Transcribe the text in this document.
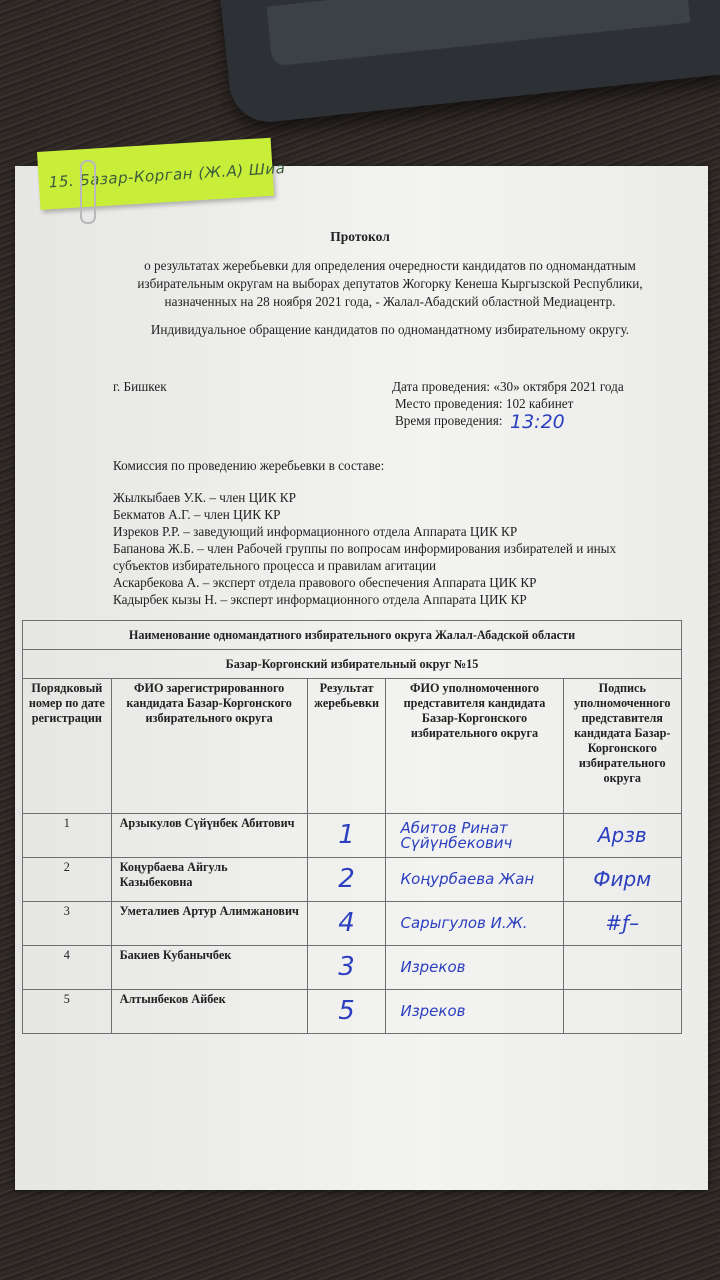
15. Базар-Корган (Ж.А) Шиа
Протокол
о результатах жеребьевки для определения очередности кандидатов по одномандатным
избирательным округам на выборах депутатов Жогорку Кенеша Кыргызской Республики,
назначенных на 28 ноября 2021 года, - Жалал-Абадский областной Медиацентр.
Индивидуальное обращение кандидатов по одномандатному избирательному округу.
г. Бишкек	Дата проведения: «30» октября 2021 года
Место проведения: 102 кабинет
Время проведения: 13:20
Комиссия по проведению жеребьевки в составе:
Жылкыбаев У.К. – член ЦИК КР
Бекматов А.Г. – член ЦИК КР
Изреков Р.Р. – заведующий информационного отдела Аппарата ЦИК КР
Бапанова Ж.Б. – член Рабочей группы по вопросам информирования избирателей и иных
субъектов избирательного процесса и правилам агитации
Аскарбекова А. – эксперт отдела правового обеспечения Аппарата ЦИК КР
Кадырбек кызы Н. – эксперт информационного отдела Аппарата ЦИК КР
Наименование одномандатного избирательного округа Жалал-Абадской области				
Базар-Коргонский избирательный округ №15				
Порядковый номер по дате регистрации	ФИО зарегистрированного кандидата Базар-Коргонского избирательного округа	Результат жеребьевки	ФИО уполномоченного представителя кандидата Базар-Коргонского избирательного округа	Подпись уполномоченного представителя кандидата Базар-Коргонского избирательного округа
1	Арзыкулов Сүйүнбек Абитович	1	Абитов Ринат Сүйүнбекович	Арзв
2	Коңурбаева Айгуль Казыбековна	2	Коңурбаева Жан	Фирм
3	Уметалиев Артур Алимжанович	4	Сарыгулов И.Ж.	#ƒ–
4	Бакиев Кубанычбек	3	Изреков	
5	Алтынбеков Айбек	5	Изреков	
